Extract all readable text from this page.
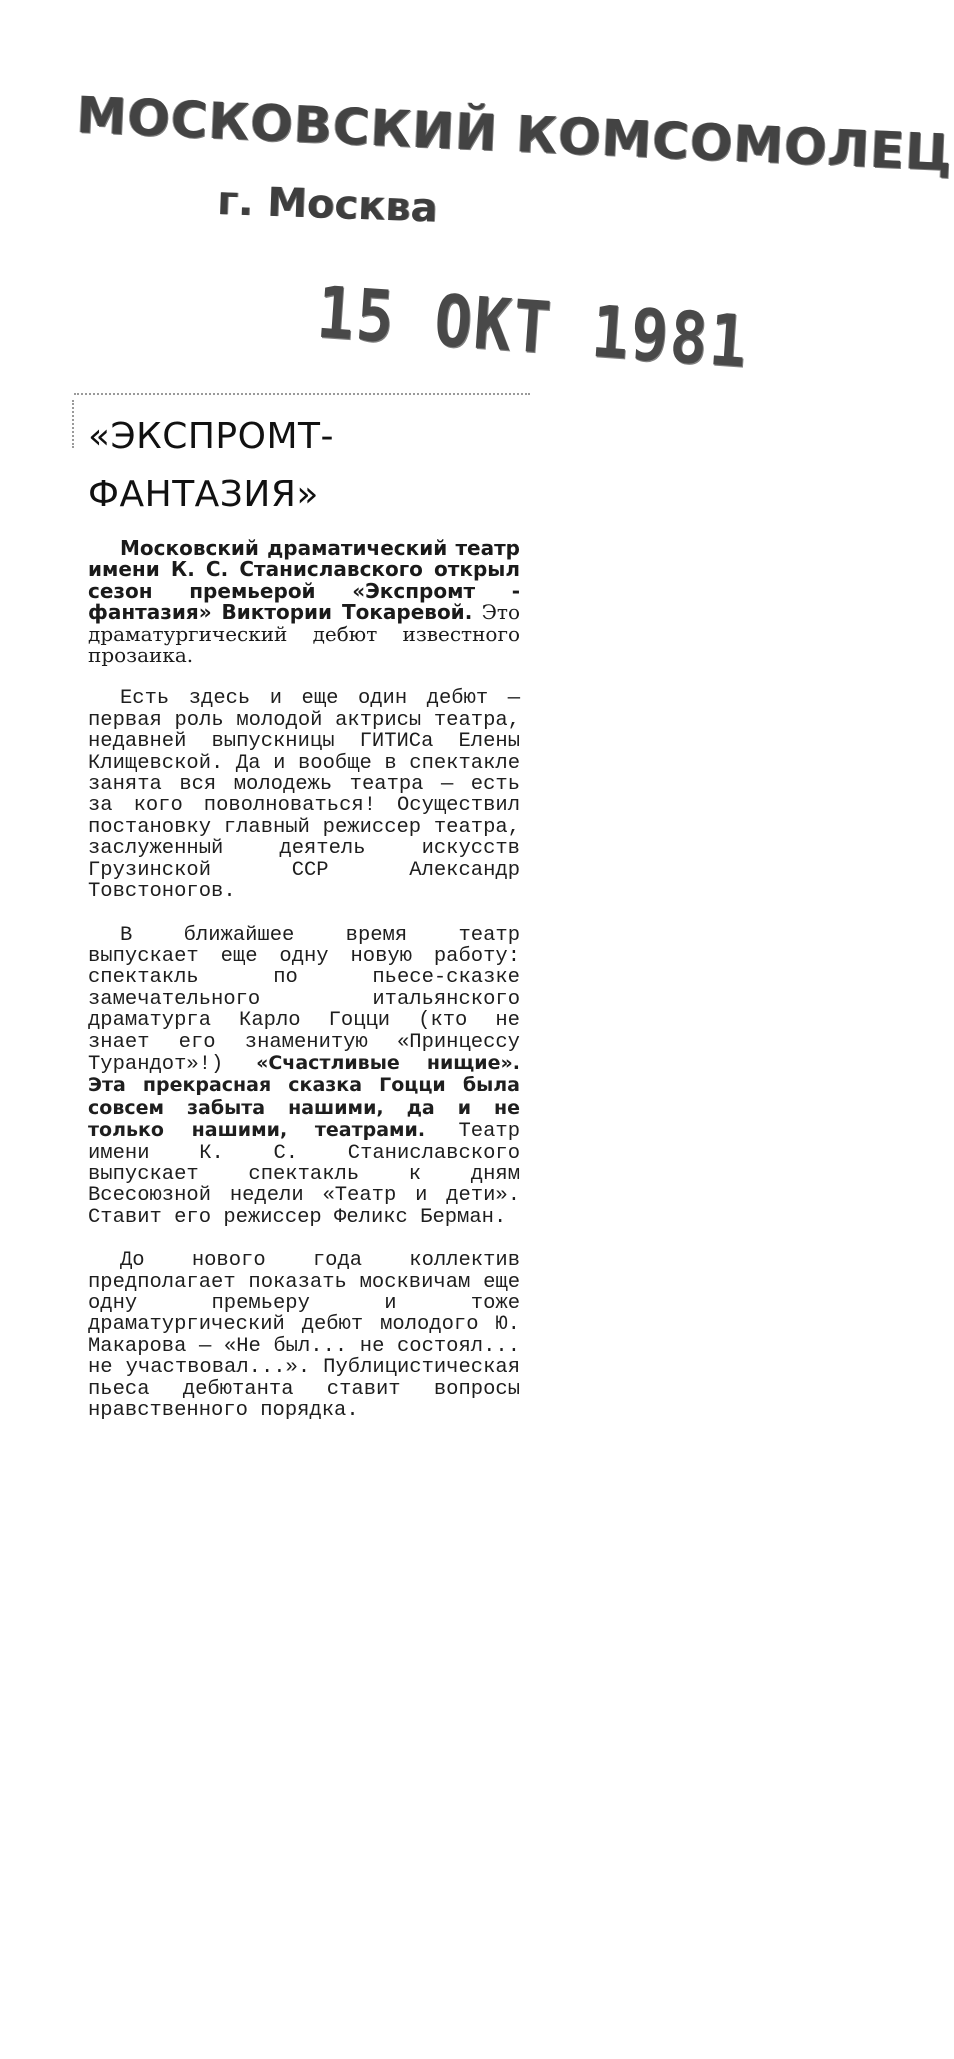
МОСКОВСКИЙ КОМСОМОЛЕЦ
г. Москва
15 ОКТ 1981
«ЭКСПРОМТ-
ФАНТАЗИЯ»

Московский драматический театр имени К. С. Станиславского открыл сезон премьерой «Экспромт - фантазия» Виктории Токаревой. Это драматургический дебют известного прозаика.

Есть здесь и еще один дебют — первая роль молодой актрисы театра, недавней выпускницы ГИТИСа Елены Клищевской. Да и вообще в спектакле занята вся молодежь театра — есть за кого поволноваться! Осуществил постановку главный режиссер театра, заслуженный деятель искусств Грузинской ССР Александр Товстоногов.

В ближайшее время театр выпускает еще одну новую работу: спектакль по пьесе-сказке замечательного итальянского драматурга Карло Гоцци (кто не знает его знаменитую «Принцессу Турандот»!) «Счастливые нищие». Эта прекрасная сказка Гоцци была совсем забыта нашими, да и не только нашими, театрами. Театр имени К. С. Станиславского выпускает спектакль к дням Всесоюзной недели «Театр и дети». Ставит его режиссер Феликс Берман.

До нового года коллектив предполагает показать москвичам еще одну премьеру и тоже драматургический дебют молодого Ю. Макарова — «Не был... не состоял... не участвовал...». Публицистическая пьеса дебютанта ставит вопросы нравственного порядка.
